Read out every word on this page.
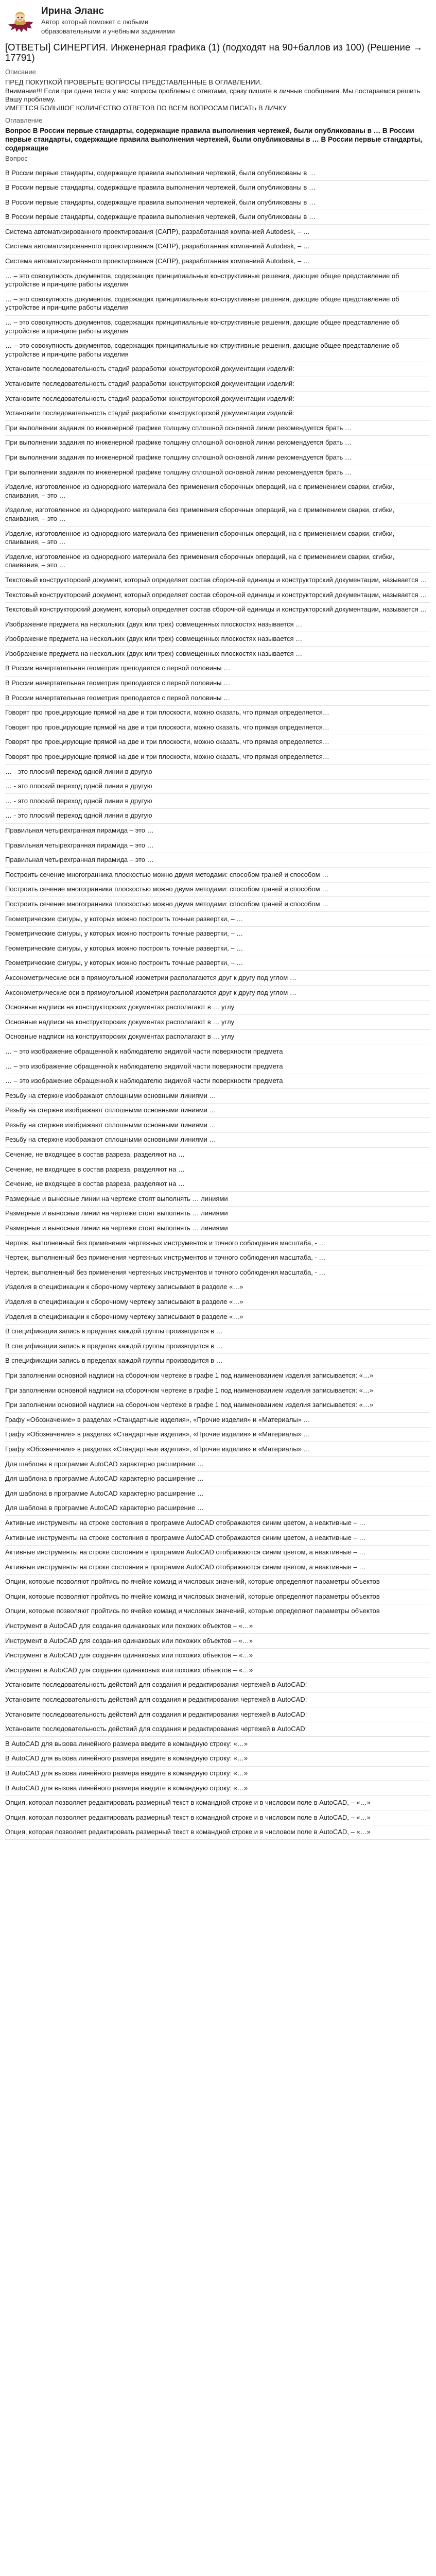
Ирина Эланс
Автор который поможет с любыми образовательными и учебными заданиями
[ОТВЕТЫ] СИНЕРГИЯ. Инженерная графика (1) (подходят на 90+баллов из 100) (Решение → 17791)
Описание

ПРЕД ПОКУПКОЙ ПРОВЕРЬТЕ ВОПРОСЫ ПРЕДСТАВЛЕННЫЕ В ОГЛАВЛЕНИИ.

Внимание!!! Если при сдаче теста у вас вопросы проблемы с ответами, сразу пишите в личные сообщения. Мы постараемся решить Вашу проблему.

ИМЕЕТСЯ БОЛЬШОЕ КОЛИЧЕСТВО ОТВЕТОВ ПО ВСЕМ ВОПРОСАМ ПИСАТЬ В ЛИЧКУ

Оглавление

Вопрос В России первые стандарты, содержащие правила выполнения чертежей, были опубликованы в … В России первые стандарты, содержащие правила выполнения чертежей, были опубликованы в … В России первые стандарты, содержащие

Вопрос
В России первые стандарты, содержащие правила выполнения чертежей, были опубликованы в …
В России первые стандарты, содержащие правила выполнения чертежей, были опубликованы в …
В России первые стандарты, содержащие правила выполнения чертежей, были опубликованы в …
В России первые стандарты, содержащие правила выполнения чертежей, были опубликованы в …
Система автоматизированного проектирования (САПР), разработанная компанией Autodesk, – …
Система автоматизированного проектирования (САПР), разработанная компанией Autodesk, – …
Система автоматизированного проектирования (САПР), разработанная компанией Autodesk, – …
… – это совокупность документов, содержащих принципиальные конструктивные решения, дающие общее представление об устройстве и принципе работы изделия
… – это совокупность документов, содержащих принципиальные конструктивные решения, дающие общее представление об устройстве и принципе работы изделия
… – это совокупность документов, содержащих принципиальные конструктивные решения, дающие общее представление об устройстве и принципе работы изделия
… – это совокупность документов, содержащих принципиальные конструктивные решения, дающие общее представление об устройстве и принципе работы изделия
Установите последовательность стадий разработки конструкторской документации изделий:
Установите последовательность стадий разработки конструкторской документации изделий:
Установите последовательность стадий разработки конструкторской документации изделий:
Установите последовательность стадий разработки конструкторской документации изделий:
При выполнении задания по инженерной графике толщину сплошной основной линии рекомендуется брать …
При выполнении задания по инженерной графике толщину сплошной основной линии рекомендуется брать …
При выполнении задания по инженерной графике толщину сплошной основной линии рекомендуется брать …
При выполнении задания по инженерной графике толщину сплошной основной линии рекомендуется брать …
Изделие, изготовленное из однородного материала без применения сборочных операций, на с применением сварки, сгибки, спаивания, – это …
Изделие, изготовленное из однородного материала без применения сборочных операций, на с применением сварки, сгибки, спаивания, – это …
Изделие, изготовленное из однородного материала без применения сборочных операций, на с применением сварки, сгибки, спаивания, – это …
Изделие, изготовленное из однородного материала без применения сборочных операций, на с применением сварки, сгибки, спаивания, – это …
Текстовый конструкторский документ, который определяет состав сборочной единицы и конструкторский документации, называется …
Текстовый конструкторский документ, который определяет состав сборочной единицы и конструкторский документации, называется …
Текстовый конструкторский документ, который определяет состав сборочной единицы и конструкторский документации, называется …
Изображение предмета на нескольких (двух или трех) совмещенных плоскостях называется …
Изображение предмета на нескольких (двух или трех) совмещенных плоскостях называется …
Изображение предмета на нескольких (двух или трех) совмещенных плоскостях называется …
В России начертательная геометрия преподается с первой половины …
В России начертательная геометрия преподается с первой половины …
В России начертательная геометрия преподается с первой половины …
Говорят про проецирующие прямой на две и три плоскости, можно сказать, что прямая определяется…
Говорят про проецирующие прямой на две и три плоскости, можно сказать, что прямая определяется…
Говорят про проецирующие прямой на две и три плоскости, можно сказать, что прямая определяется…
Говорят про проецирующие прямой на две и три плоскости, можно сказать, что прямая определяется…
… - это плоский переход одной линии в другую
… - это плоский переход одной линии в другую
… - это плоский переход одной линии в другую
… - это плоский переход одной линии в другую
Правильная четырехгранная пирамида – это …
Правильная четырехгранная пирамида – это …
Правильная четырехгранная пирамида – это …
Построить сечение многогранника плоскостью можно двумя методами: способом граней и способом …
Построить сечение многогранника плоскостью можно двумя методами: способом граней и способом …
Построить сечение многогранника плоскостью можно двумя методами: способом граней и способом …
Геометрические фигуры, у которых можно построить точные развертки, – …
Геометрические фигуры, у которых можно построить точные развертки, – …
Геометрические фигуры, у которых можно построить точные развертки, – …
Геометрические фигуры, у которых можно построить точные развертки, – …
Аксонометрические оси в прямоугольной изометрии располагаются друг к другу под углом …
Аксонометрические оси в прямоугольной изометрии располагаются друг к другу под углом …
Основные надписи на конструкторских документах располагают в … углу
Основные надписи на конструкторских документах располагают в … углу
Основные надписи на конструкторских документах располагают в … углу
… – это изображение обращенной к наблюдателю видимой части поверхности предмета
… – это изображение обращенной к наблюдателю видимой части поверхности предмета
… – это изображение обращенной к наблюдателю видимой части поверхности предмета
Резьбу на стержне изображают сплошными основными линиями …
Резьбу на стержне изображают сплошными основными линиями …
Резьбу на стержне изображают сплошными основными линиями …
Резьбу на стержне изображают сплошными основными линиями …
Сечение, не входящее в состав разреза, разделяют на …
Сечение, не входящее в состав разреза, разделяют на …
Сечение, не входящее в состав разреза, разделяют на …
Размерные и выносные линии на чертеже стоят выполнять … линиями
Размерные и выносные линии на чертеже стоят выполнять … линиями
Размерные и выносные линии на чертеже стоят выполнять … линиями
Чертеж, выполненный без применения чертежных инструментов и точного соблюдения масштаба, - …
Чертеж, выполненный без применения чертежных инструментов и точного соблюдения масштаба, - …
Чертеж, выполненный без применения чертежных инструментов и точного соблюдения масштаба, - …
Изделия в спецификации к сборочному чертежу записывают в разделе «…»
Изделия в спецификации к сборочному чертежу записывают в разделе «…»
Изделия в спецификации к сборочному чертежу записывают в разделе «…»
В спецификации запись в пределах каждой группы производится в …
В спецификации запись в пределах каждой группы производится в …
В спецификации запись в пределах каждой группы производится в …
При заполнении основной надписи на сборочном чертеже в графе 1 под наименованием изделия записывается: «…»
При заполнении основной надписи на сборочном чертеже в графе 1 под наименованием изделия записывается: «…»
При заполнении основной надписи на сборочном чертеже в графе 1 под наименованием изделия записывается: «…»
Графу «Обозначение» в разделах «Стандартные изделия», «Прочие изделия» и «Материалы» …
Графу «Обозначение» в разделах «Стандартные изделия», «Прочие изделия» и «Материалы» …
Графу «Обозначение» в разделах «Стандартные изделия», «Прочие изделия» и «Материалы» …
Для шаблона в программе AutoCAD характерно расширение …
Для шаблона в программе AutoCAD характерно расширение …
Для шаблона в программе AutoCAD характерно расширение …
Для шаблона в программе AutoCAD характерно расширение …
Активные инструменты на строке состояния в программе AutoCAD отображаются синим цветом, а неактивные – …
Активные инструменты на строке состояния в программе AutoCAD отображаются синим цветом, а неактивные – …
Активные инструменты на строке состояния в программе AutoCAD отображаются синим цветом, а неактивные – …
Активные инструменты на строке состояния в программе AutoCAD отображаются синим цветом, а неактивные – …
Опции, которые позволяют пройтись по ячейке команд и числовых значений, которые определяют параметры объектов
Опции, которые позволяют пройтись по ячейке команд и числовых значений, которые определяют параметры объектов
Опции, которые позволяют пройтись по ячейке команд и числовых значений, которые определяют параметры объектов
Инструмент в AutoCAD для создания одинаковых или похожих объектов – «…»
Инструмент в AutoCAD для создания одинаковых или похожих объектов – «…»
Инструмент в AutoCAD для создания одинаковых или похожих объектов – «…»
Инструмент в AutoCAD для создания одинаковых или похожих объектов – «…»
Установите последовательность действий для создания и редактирования чертежей в AutoCAD:
Установите последовательность действий для создания и редактирования чертежей в AutoCAD:
Установите последовательность действий для создания и редактирования чертежей в AutoCAD:
Установите последовательность действий для создания и редактирования чертежей в AutoCAD:
В AutoCAD для вызова линейного размера введите в командную строку: «…»
В AutoCAD для вызова линейного размера введите в командную строку: «…»
В AutoCAD для вызова линейного размера введите в командную строку: «…»
В AutoCAD для вызова линейного размера введите в командную строку: «…»
Опция, которая позволяет редактировать размерный текст в командной строке и в числовом поле в AutoCAD, – «…»
Опция, которая позволяет редактировать размерный текст в командной строке и в числовом поле в AutoCAD, – «…»
Опция, которая позволяет редактировать размерный текст в командной строке и в числовом поле в AutoCAD, – «…»
